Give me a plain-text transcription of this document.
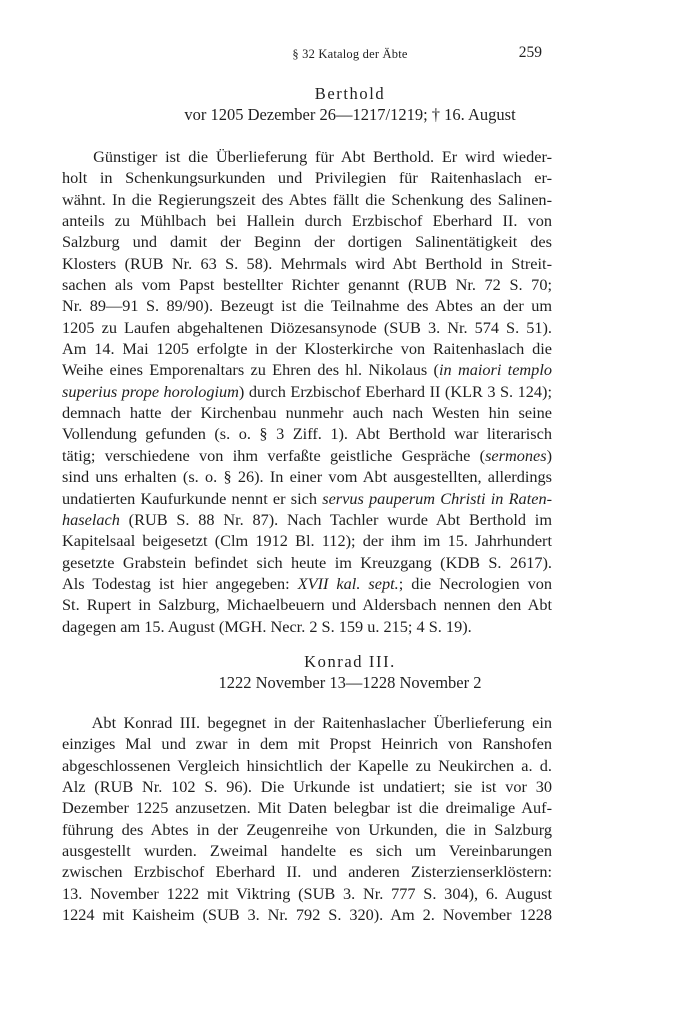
§ 32 Katalog der Äbte	259
Berthold
vor 1205 Dezember 26—1217/1219; † 16. August
Günstiger ist die Überlieferung für Abt Berthold. Er wird wieder-
holt in Schenkungsurkunden und Privilegien für Raitenhaslach er-
wähnt. In die Regierungszeit des Abtes fällt die Schenkung des Salinen-
anteils zu Mühlbach bei Hallein durch Erzbischof Eberhard II. von
Salzburg und damit der Beginn der dortigen Salinentätigkeit des
Klosters (RUB Nr. 63 S. 58). Mehrmals wird Abt Berthold in Streit-
sachen als vom Papst bestellter Richter genannt (RUB Nr. 72 S. 70;
Nr. 89—91 S. 89/90). Bezeugt ist die Teilnahme des Abtes an der um
1205 zu Laufen abgehaltenen Diözesansynode (SUB 3. Nr. 574 S. 51).
Am 14. Mai 1205 erfolgte in der Klosterkirche von Raitenhaslach die
Weihe eines Emporenaltars zu Ehren des hl. Nikolaus (in maiori templo
superius prope horologium) durch Erzbischof Eberhard II (KLR 3 S. 124);
demnach hatte der Kirchenbau nunmehr auch nach Westen hin seine
Vollendung gefunden (s. o. § 3 Ziff. 1). Abt Berthold war literarisch
tätig; verschiedene von ihm verfaßte geistliche Gespräche (sermones)
sind uns erhalten (s. o. § 26). In einer vom Abt ausgestellten, allerdings
undatierten Kaufurkunde nennt er sich servus pauperum Christi in Raten-
haselach (RUB S. 88 Nr. 87). Nach Tachler wurde Abt Berthold im
Kapitelsaal beigesetzt (Clm 1912 Bl. 112); der ihm im 15. Jahrhundert
gesetzte Grabstein befindet sich heute im Kreuzgang (KDB S. 2617).
Als Todestag ist hier angegeben: XVII kal. sept.; die Necrologien von
St. Rupert in Salzburg, Michaelbeuern und Aldersbach nennen den Abt
dagegen am 15. August (MGH. Necr. 2 S. 159 u. 215; 4 S. 19).
Konrad III.
1222 November 13—1228 November 2
Abt Konrad III. begegnet in der Raitenhaslacher Überlieferung ein
einziges Mal und zwar in dem mit Propst Heinrich von Ranshofen
abgeschlossenen Vergleich hinsichtlich der Kapelle zu Neukirchen a. d.
Alz (RUB Nr. 102 S. 96). Die Urkunde ist undatiert; sie ist vor 30
Dezember 1225 anzusetzen. Mit Daten belegbar ist die dreimalige Auf-
führung des Abtes in der Zeugenreihe von Urkunden, die in Salzburg
ausgestellt wurden. Zweimal handelte es sich um Vereinbarungen
zwischen Erzbischof Eberhard II. und anderen Zisterzienserklöstern:
13. November 1222 mit Viktring (SUB 3. Nr. 777 S. 304), 6. August
1224 mit Kaisheim (SUB 3. Nr. 792 S. 320). Am 2. November 1228
